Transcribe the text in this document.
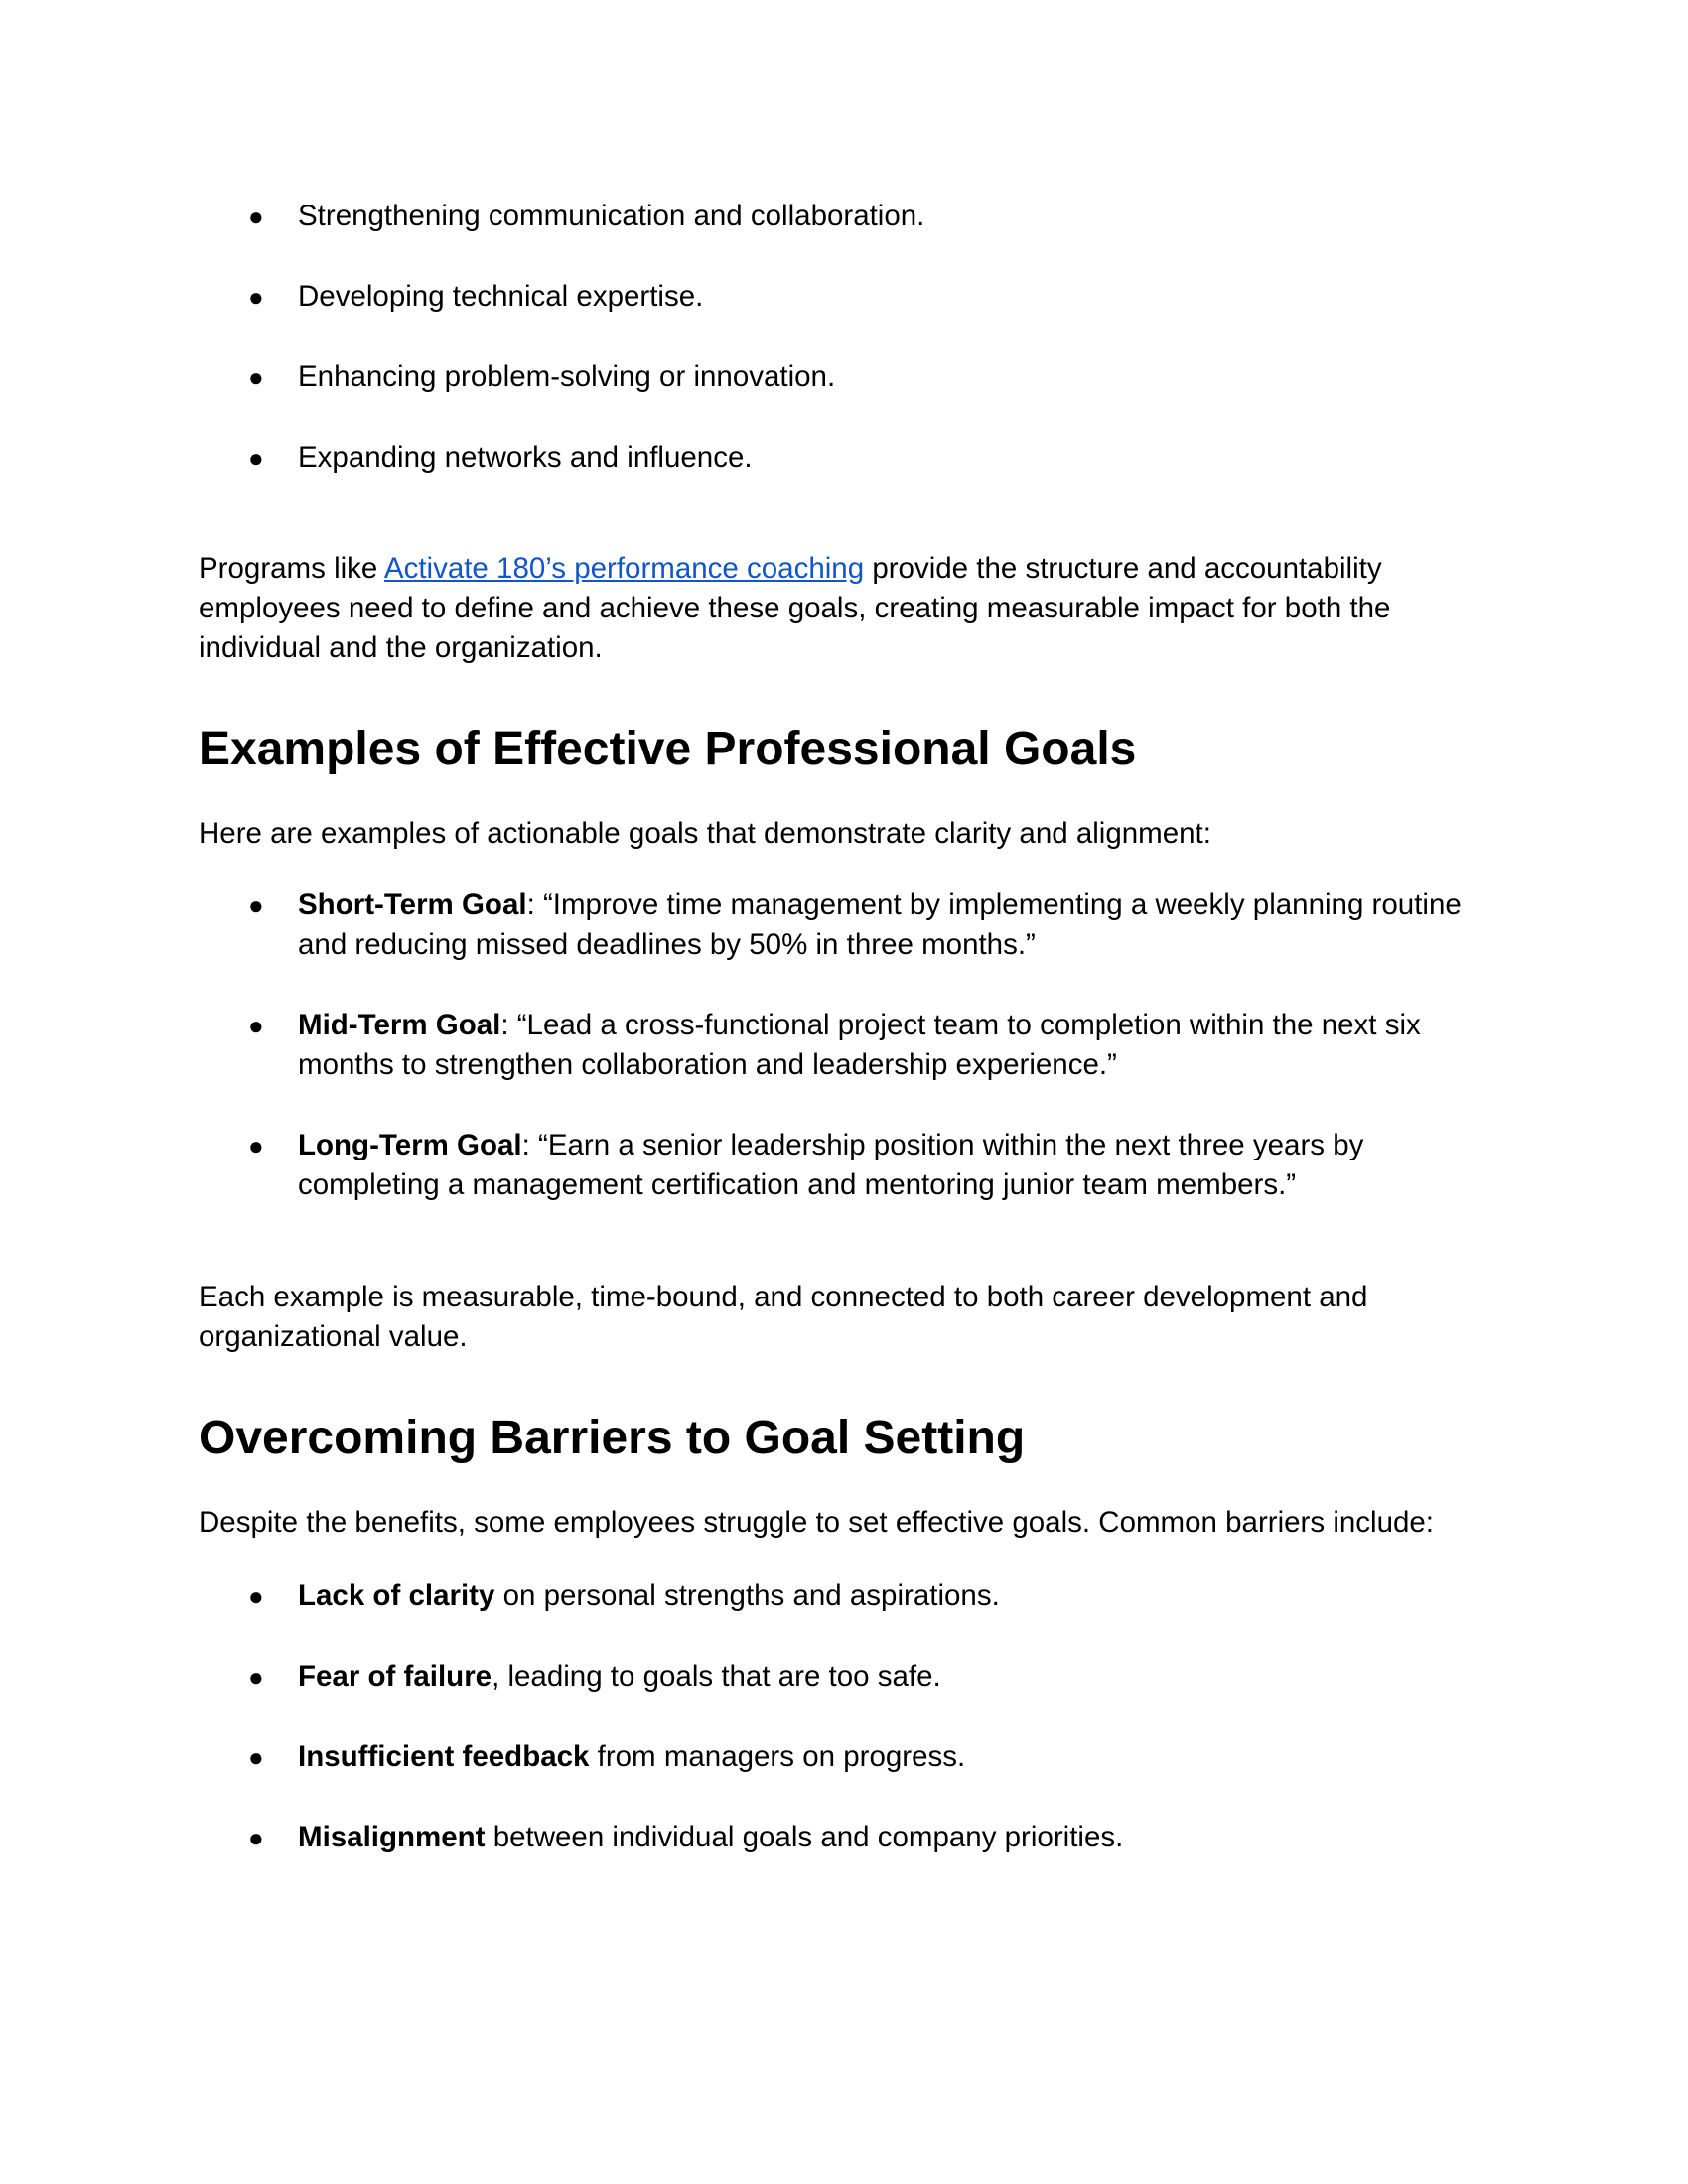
● Strengthening communication and collaboration.
● Developing technical expertise.
● Enhancing problem-solving or innovation.
● Expanding networks and influence.

Programs like Activate 180’s performance coaching provide the structure and accountability employees need to define and achieve these goals, creating measurable impact for both the individual and the organization.

Examples of Effective Professional Goals

Here are examples of actionable goals that demonstrate clarity and alignment:

● Short-Term Goal: “Improve time management by implementing a weekly planning routine and reducing missed deadlines by 50% in three months.”
● Mid-Term Goal: “Lead a cross-functional project team to completion within the next six months to strengthen collaboration and leadership experience.”
● Long-Term Goal: “Earn a senior leadership position within the next three years by completing a management certification and mentoring junior team members.”

Each example is measurable, time-bound, and connected to both career development and organizational value.

Overcoming Barriers to Goal Setting

Despite the benefits, some employees struggle to set effective goals. Common barriers include:

● Lack of clarity on personal strengths and aspirations.
● Fear of failure, leading to goals that are too safe.
● Insufficient feedback from managers on progress.
● Misalignment between individual goals and company priorities.
